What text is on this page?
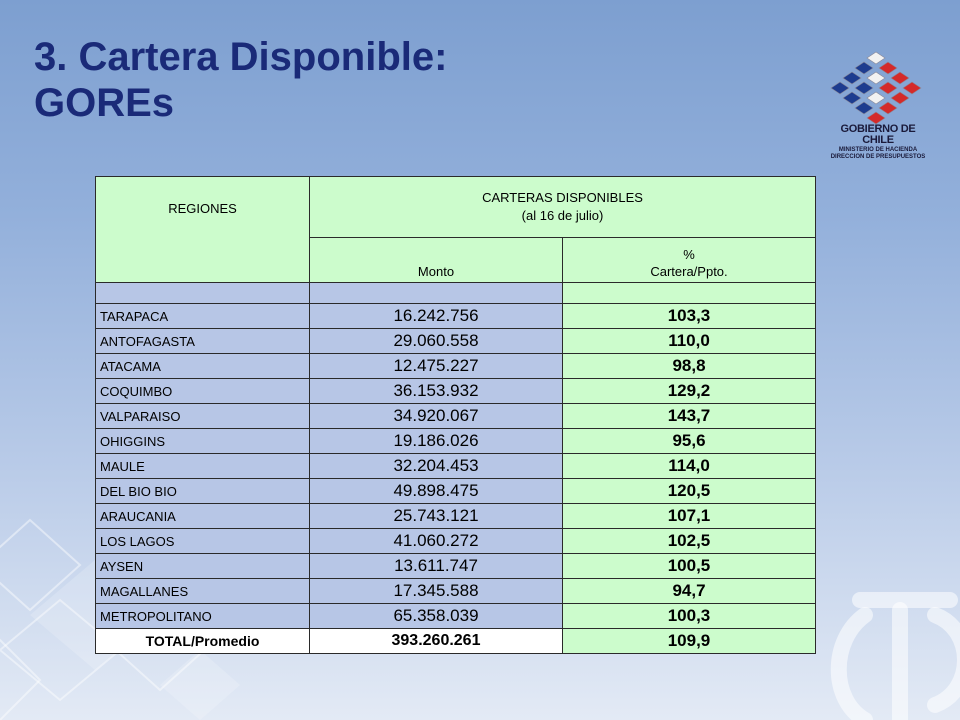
3. Cartera Disponible:
GOREs
GOBIERNO DE CHILE
MINISTERIO DE HACIENDA
DIRECCION DE PRESUPUESTOS
REGIONES	CARTERAS DISPONIBLES
(al 16 de julio)	

	Monto	%
Cartera/Ppto.

TARAPACA	16.242.756	103,3
ANTOFAGASTA	29.060.558	110,0
ATACAMA	12.475.227	98,8
COQUIMBO	36.153.932	129,2
VALPARAISO	34.920.067	143,7
OHIGGINS	19.186.026	95,6
MAULE	32.204.453	114,0
DEL BIO BIO	49.898.475	120,5
ARAUCANIA	25.743.121	107,1
LOS LAGOS	41.060.272	102,5
AYSEN	13.611.747	100,5
MAGALLANES	17.345.588	94,7
METROPOLITANO	65.358.039	100,3
TOTAL/Promedio	393.260.261	109,9
